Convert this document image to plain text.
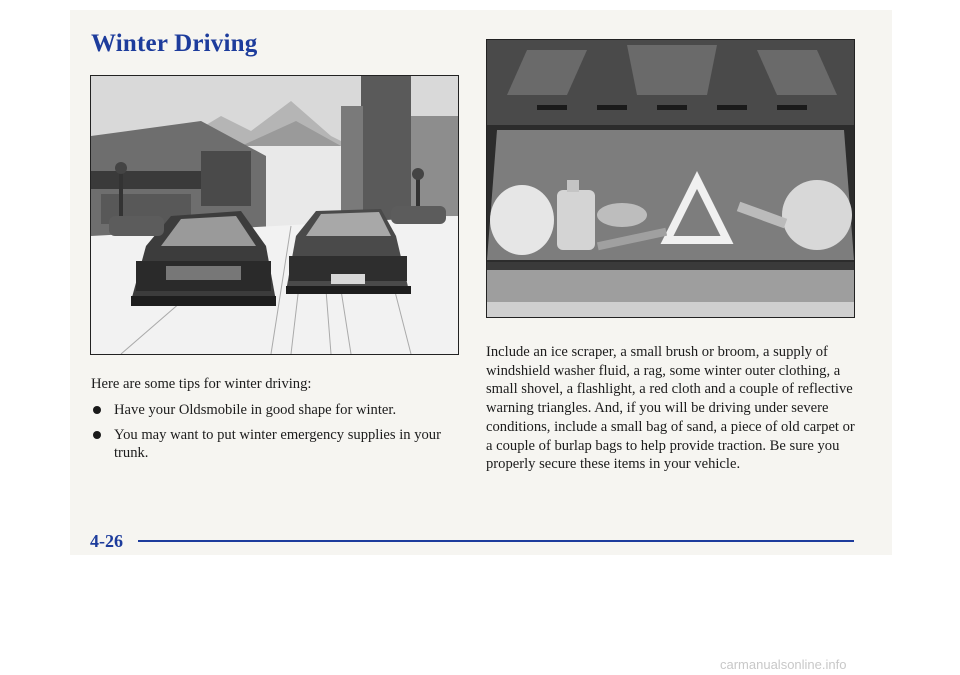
Winter Driving

Here are some tips for winter driving:

Have your Oldsmobile in good shape for winter.
You may want to put winter emergency supplies in your trunk.

Include an ice scraper, a small brush or broom, a supply of windshield washer fluid, a rag, some winter outer clothing, a small shovel, a flashlight, a red cloth and a couple of reflective warning triangles. And, if you will be driving under severe conditions, include a small bag of sand, a piece of old carpet or a couple of burlap bags to help provide traction. Be sure you properly secure these items in your vehicle.

4-26
carmanualsonline.info
